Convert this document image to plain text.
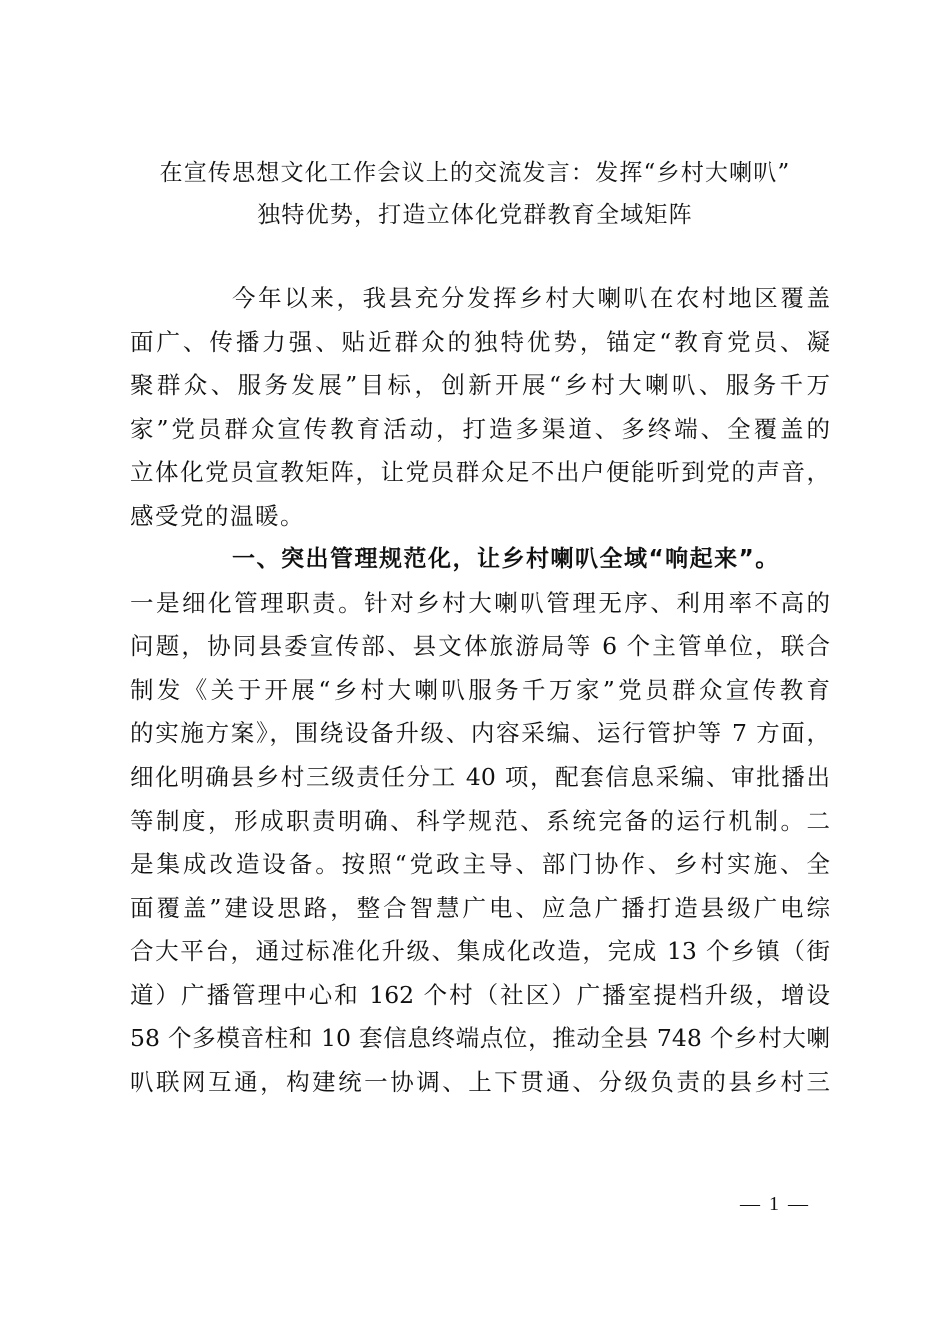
在宣传思想文化工作会议上的交流发言：发挥“乡村大喇叭”
独特优势，打造立体化党群教育全域矩阵
今年以来，我县充分发挥乡村大喇叭在农村地区覆盖
面广、传播力强、贴近群众的独特优势，锚定“教育党员、凝
聚群众、服务发展”目标，创新开展“乡村大喇叭、服务千万
家”党员群众宣传教育活动，打造多渠道、多终端、全覆盖的
立体化党员宣教矩阵，让党员群众足不出户便能听到党的声音，
感受党的温暖。
一、突出管理规范化，让乡村喇叭全域“响起来”。
一是细化管理职责。针对乡村大喇叭管理无序、利用率不高的
问题，协同县委宣传部、县文体旅游局等 6 个主管单位，联合
制发《关于开展“乡村大喇叭服务千万家”党员群众宣传教育
的实施方案》，围绕设备升级、内容采编、运行管护等 7 方面，
细化明确县乡村三级责任分工 40 项，配套信息采编、审批播出
等制度，形成职责明确、科学规范、系统完备的运行机制。二
是集成改造设备。按照“党政主导、部门协作、乡村实施、全
面覆盖”建设思路，整合智慧广电、应急广播打造县级广电综
合大平台，通过标准化升级、集成化改造，完成 13 个乡镇（街
道）广播管理中心和 162 个村（社区）广播室提档升级，增设
58 个多模音柱和 10 套信息终端点位，推动全县 748 个乡村大喇
叭联网互通，构建统一协调、上下贯通、分级负责的县乡村三
— 1 —
